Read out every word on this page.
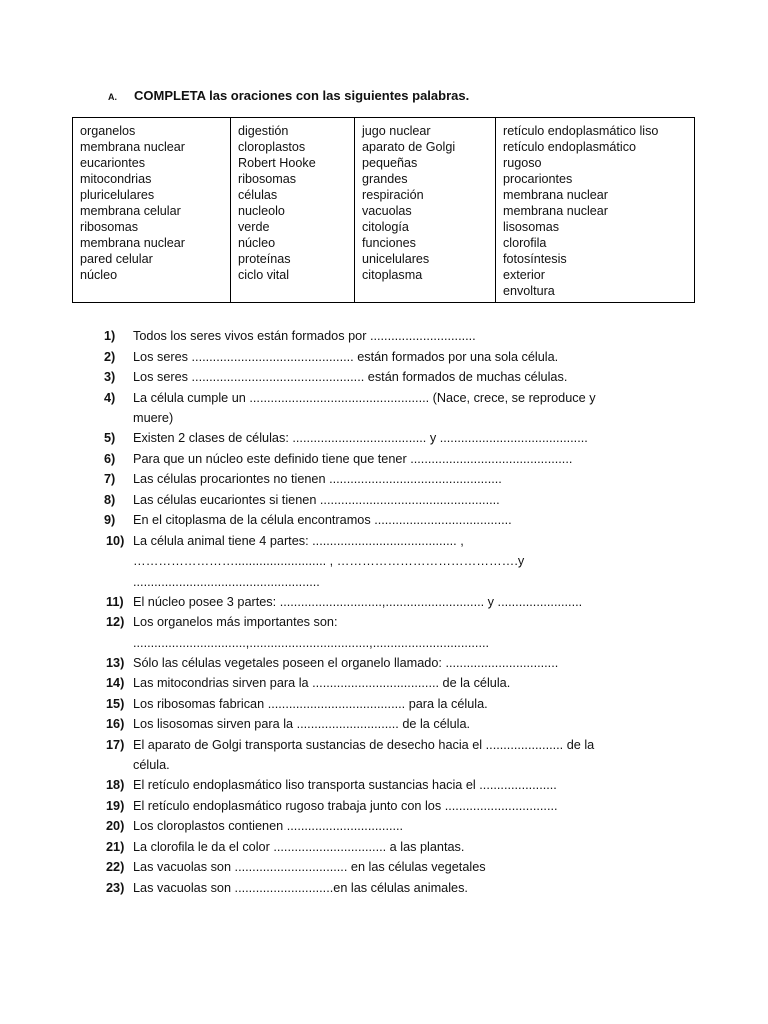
A. COMPLETA las oraciones con las siguientes palabras.
organelos
membrana nuclear
eucariontes
mitocondrias
pluricelulares
membrana celular
ribosomas
membrana nuclear
pared celular
núcleo

digestión
cloroplastos
Robert Hooke
ribosomas
células
nucleolo
verde
núcleo
proteínas
ciclo vital

jugo nuclear
aparato de Golgi
pequeñas
grandes
respiración
vacuolas
citología
funciones
unicelulares
citoplasma

retículo endoplasmático liso
retículo endoplasmático
rugoso
procariontes
membrana nuclear
membrana nuclear
lisosomas
clorofila
fotosíntesis
exterior
envoltura
1)	Todos los seres vivos están formados por ..............................
2)	Los seres .............................................. están formados por una sola célula.
3)	Los seres ................................................. están formados de muchas células.
4)	La célula cumple un ................................................... (Nace, crece, se reproduce y
muere)
5)	Existen 2 clases de células: ...................................... y ..........................................
6)	Para que un núcleo este definido tiene que tener ..............................................
7)	Las células procariontes no tienen .................................................
8)	Las células eucariontes si tienen ...................................................
9)	En el citoplasma de la célula encontramos .......................................
10) La célula animal tiene 4 partes: ......................................... ,
…………………….......................... , …………………………………….y
.....................................................
11) El núcleo posee 3 partes: .............................,............................ y ........................
12) Los organelos más importantes son:
................................,..................................,.................................
13) Sólo las células vegetales poseen el organelo llamado: ................................
14) Las mitocondrias sirven para la .................................... de la célula.
15) Los ribosomas fabrican ....................................... para la célula.
16) Los lisosomas sirven para la ............................. de la célula.
17) El aparato de Golgi transporta sustancias de desecho hacia el ...................... de la
célula.
18) El retículo endoplasmático liso transporta sustancias hacia el ......................
19) El retículo endoplasmático rugoso trabaja junto con los ................................
20) Los cloroplastos contienen .................................
21) La clorofila le da el color ................................ a las plantas.
22) Las vacuolas son ................................ en las células vegetales
23) Las vacuolas son ............................en las células animales.
